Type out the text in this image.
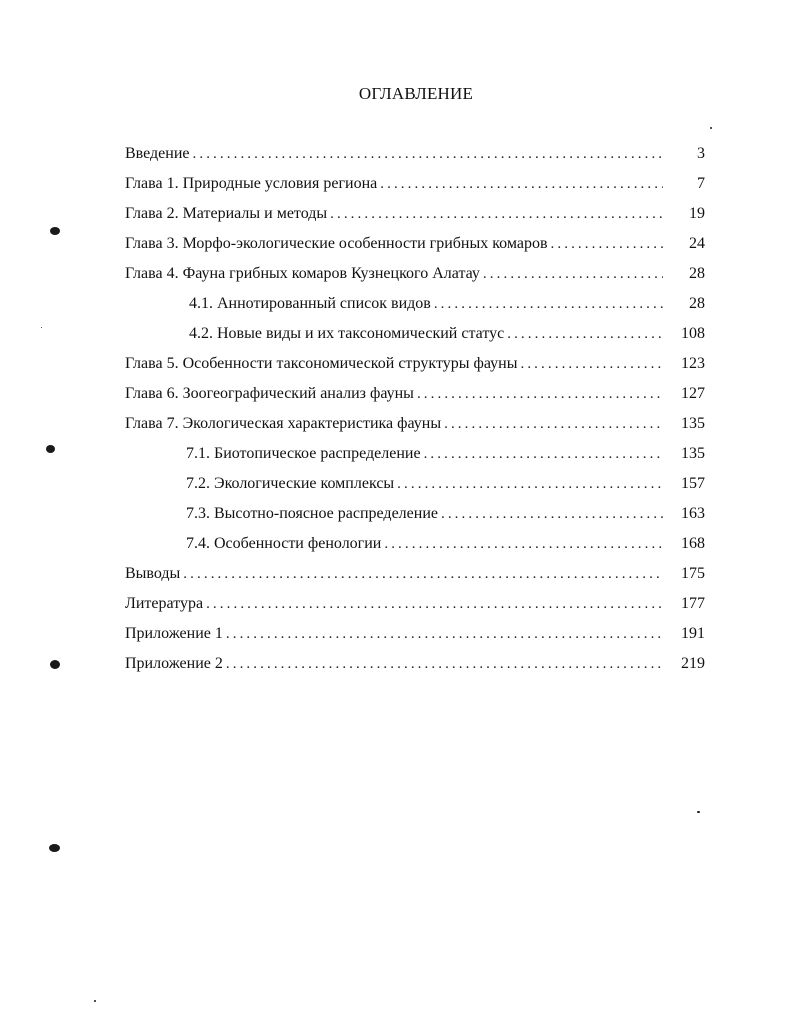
ОГЛАВЛЕНИЕ
Введение .....	3
Глава 1. Природные условия региона .....	7
Глава 2. Материалы и методы .....	19
Глава 3. Морфо-экологические особенности грибных комаров .....	24
Глава 4. Фауна грибных комаров Кузнецкого Алатау .....	28
4.1. Аннотированный список видов .....	28
4.2. Новые виды и их таксономический статус .....	108
Глава 5. Особенности таксономической структуры фауны .....	123
Глава 6. Зоогеографический анализ фауны .....	127
Глава 7. Экологическая характеристика фауны .....	135
7.1. Биотопическое распределение .....	135
7.2. Экологические комплексы .....	157
7.3. Высотно-поясное распределение .....	163
7.4. Особенности фенологии .....	168
Выводы .....	175
Литература .....	177
Приложение 1 .....	191
Приложение 2 .....	219
